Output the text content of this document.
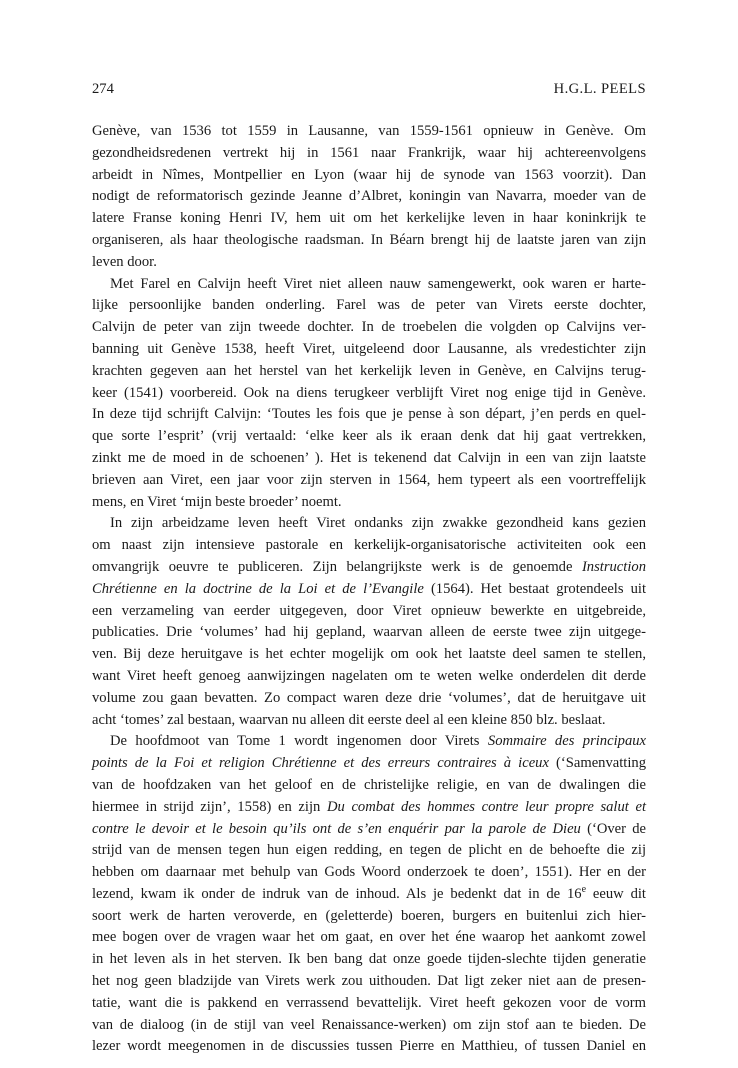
274	H.G.L. PEELS

Genève, van 1536 tot 1559 in Lausanne, van 1559-1561 opnieuw in Genève. Om
gezondheidsredenen vertrekt hij in 1561 naar Frankrijk, waar hij achtereenvolgens
arbeidt in Nîmes, Montpellier en Lyon (waar hij de synode van 1563 voorzit). Dan
nodigt de reformatorisch gezinde Jeanne d’Albret, koningin van Navarra, moeder van de
latere Franse koning Henri IV, hem uit om het kerkelijke leven in haar koninkrijk te
organiseren, als haar theologische raadsman. In Béarn brengt hij de laatste jaren van zijn
leven door.

Met Farel en Calvijn heeft Viret niet alleen nauw samengewerkt, ook waren er harte-
lijke persoonlijke banden onderling. Farel was de peter van Virets eerste dochter,
Calvijn de peter van zijn tweede dochter. In de troebelen die volgden op Calvijns ver-
banning uit Genève 1538, heeft Viret, uitgeleend door Lausanne, als vredestichter zijn
krachten gegeven aan het herstel van het kerkelijk leven in Genève, en Calvijns terug-
keer (1541) voorbereid. Ook na diens terugkeer verblijft Viret nog enige tijd in Genève.
In deze tijd schrijft Calvijn: ‘Toutes les fois que je pense à son départ, j’en perds en quel-
que sorte l’esprit’ (vrij vertaald: ‘elke keer als ik eraan denk dat hij gaat vertrekken,
zinkt me de moed in de schoenen’ ). Het is tekenend dat Calvijn in een van zijn laatste
brieven aan Viret, een jaar voor zijn sterven in 1564, hem typeert als een voortreffelijk
mens, en Viret ‘mijn beste broeder’ noemt.

In zijn arbeidzame leven heeft Viret ondanks zijn zwakke gezondheid kans gezien
om naast zijn intensieve pastorale en kerkelijk-organisatorische activiteiten ook een
omvangrijk oeuvre te publiceren. Zijn belangrijkste werk is de genoemde Instruction
Chrétienne en la doctrine de la Loi et de l’Evangile (1564). Het bestaat grotendeels uit
een verzameling van eerder uitgegeven, door Viret opnieuw bewerkte en uitgebreide,
publicaties. Drie ‘volumes’ had hij gepland, waarvan alleen de eerste twee zijn uitgege-
ven. Bij deze heruitgave is het echter mogelijk om ook het laatste deel samen te stellen,
want Viret heeft genoeg aanwijzingen nagelaten om te weten welke onderdelen dit derde
volume zou gaan bevatten. Zo compact waren deze drie ‘volumes’, dat de heruitgave uit
acht ‘tomes’ zal bestaan, waarvan nu alleen dit eerste deel al een kleine 850 blz. beslaat.

De hoofdmoot van Tome 1 wordt ingenomen door Virets Sommaire des principaux
points de la Foi et religion Chrétienne et des erreurs contraires à iceux (‘Samenvatting
van de hoofdzaken van het geloof en de christelijke religie, en van de dwalingen die
hiermee in strijd zijn’, 1558) en zijn Du combat des hommes contre leur propre salut et
contre le devoir et le besoin qu’ils ont de s’en enquérir par la parole de Dieu (‘Over de
strijd van de mensen tegen hun eigen redding, en tegen de plicht en de behoefte die zij
hebben om daarnaar met behulp van Gods Woord onderzoek te doen’, 1551). Her en der
lezend, kwam ik onder de indruk van de inhoud. Als je bedenkt dat in de 16e eeuw dit
soort werk de harten veroverde, en (geletterde) boeren, burgers en buitenlui zich hier-
mee bogen over de vragen waar het om gaat, en over het éne waarop het aankomt zowel
in het leven als in het sterven. Ik ben bang dat onze goede tijden-slechte tijden generatie
het nog geen bladzijde van Virets werk zou uithouden. Dat ligt zeker niet aan de presen-
tatie, want die is pakkend en verrassend bevattelijk. Viret heeft gekozen voor de vorm
van de dialoog (in de stijl van veel Renaissance-werken) om zijn stof aan te bieden. De
lezer wordt meegenomen in de discussies tussen Pierre en Matthieu, of tussen Daniel en
